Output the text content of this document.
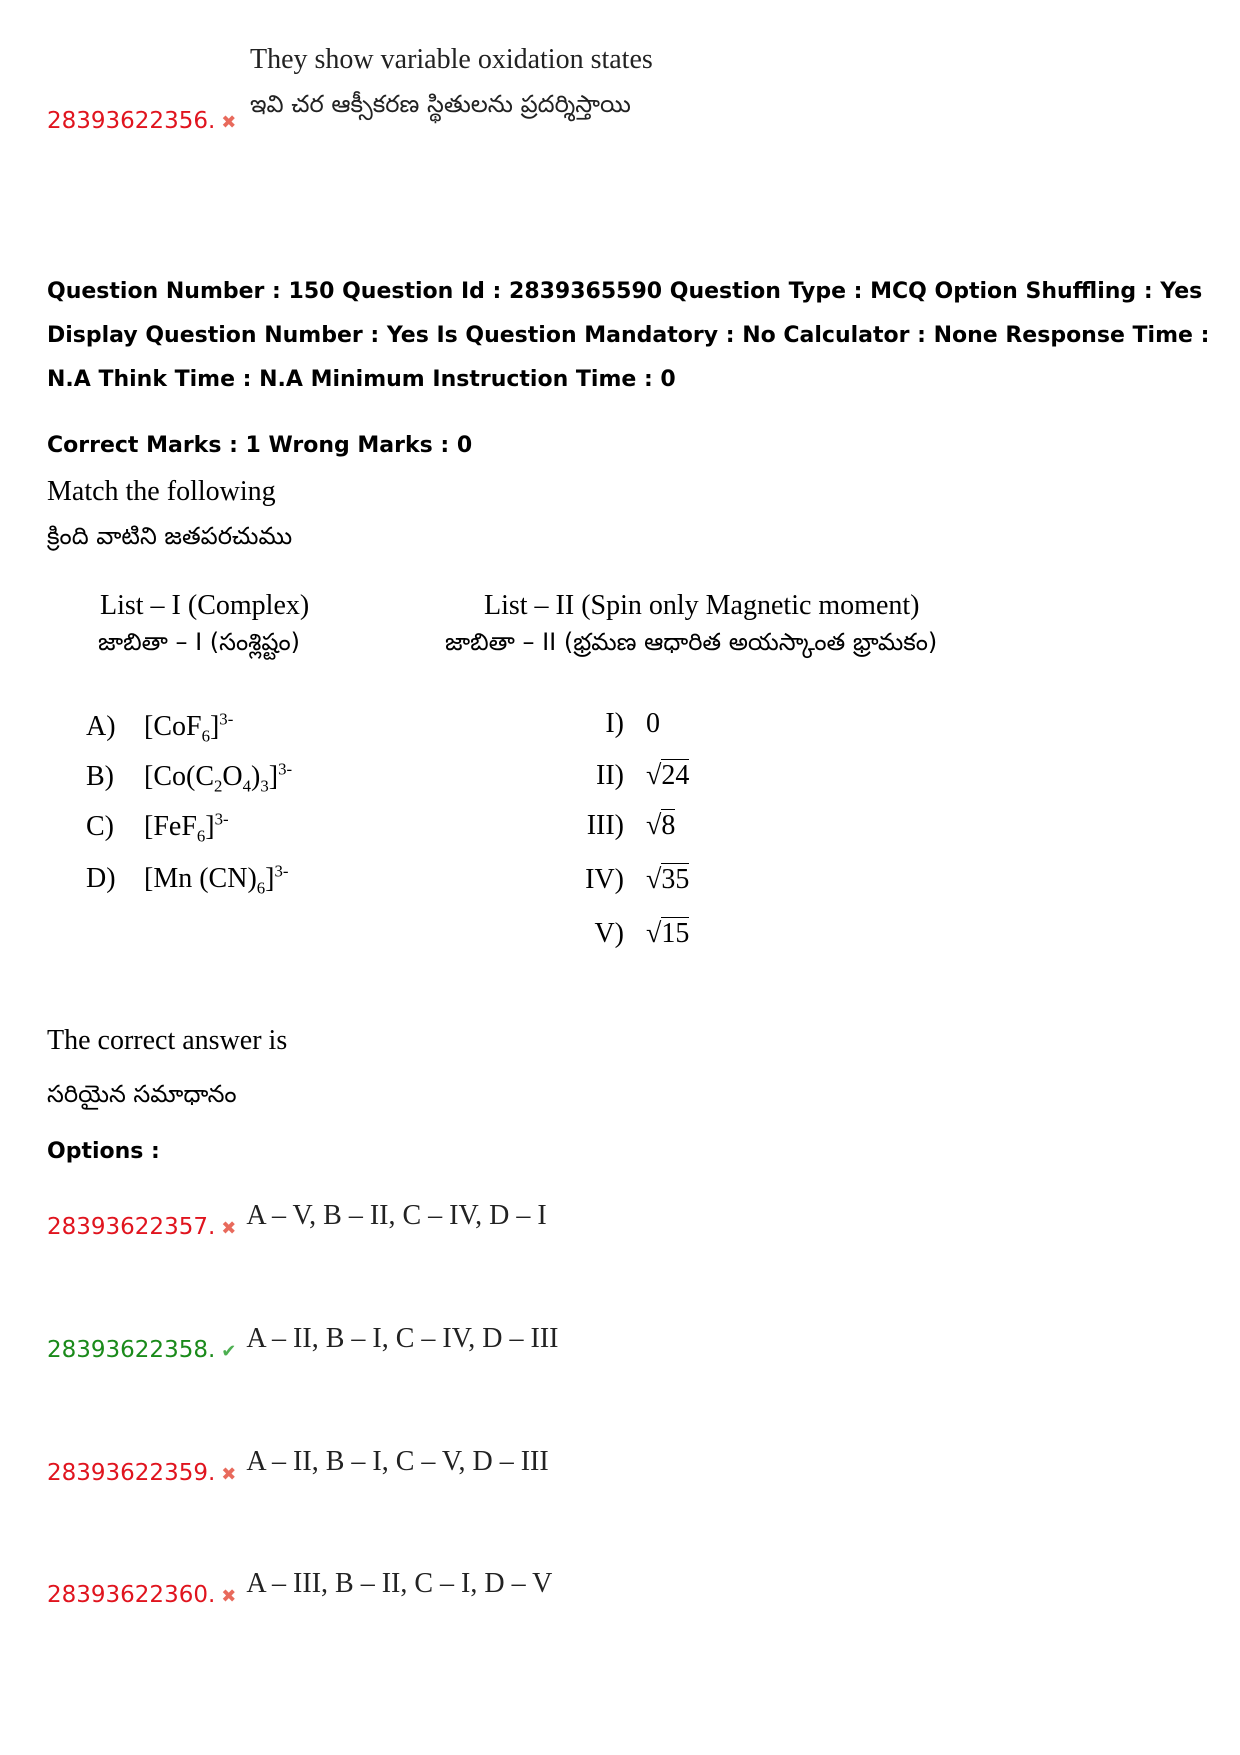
They show variable oxidation states
ఇవి చర ఆక్సీకరణ స్థితులను ప్రదర్శిస్తాయి
28393622356. ✖
Question Number : 150 Question Id : 2839365590 Question Type : MCQ Option Shuffling : Yes Display Question Number : Yes Is Question Mandatory : No Calculator : None Response Time : N.A Think Time : N.A Minimum Instruction Time : 0
Correct Marks : 1 Wrong Marks : 0
Match the following
క్రింది వాటిని జతపరచుము
List – I (Complex)
జాబితా – I (సంశ్లిష్టం)
List – II (Spin only Magnetic moment)
జాబితా – II (భ్రమణ ఆధారిత అయస్కాంత భ్రామకం)
A) $[CoF_6]^{3-}$
B) $[Co(C_2O_4)_3]^{3-}$
C) $[FeF_6]^{3-}$
D) [Mn $(CN)_6]^{3-}$
I) 0
II) √24
III) √8
IV) √35
V) √15
The correct answer is
సరియైన సమాధానం
Options :
28393622357. ✖ A – V, B – II, C – IV, D – I
28393622358. ✔ A – II, B – I, C – IV, D – III
28393622359. ✖ A – II, B – I, C – V, D – III
28393622360. ✖ A – III, B – II, C – I, D – V
